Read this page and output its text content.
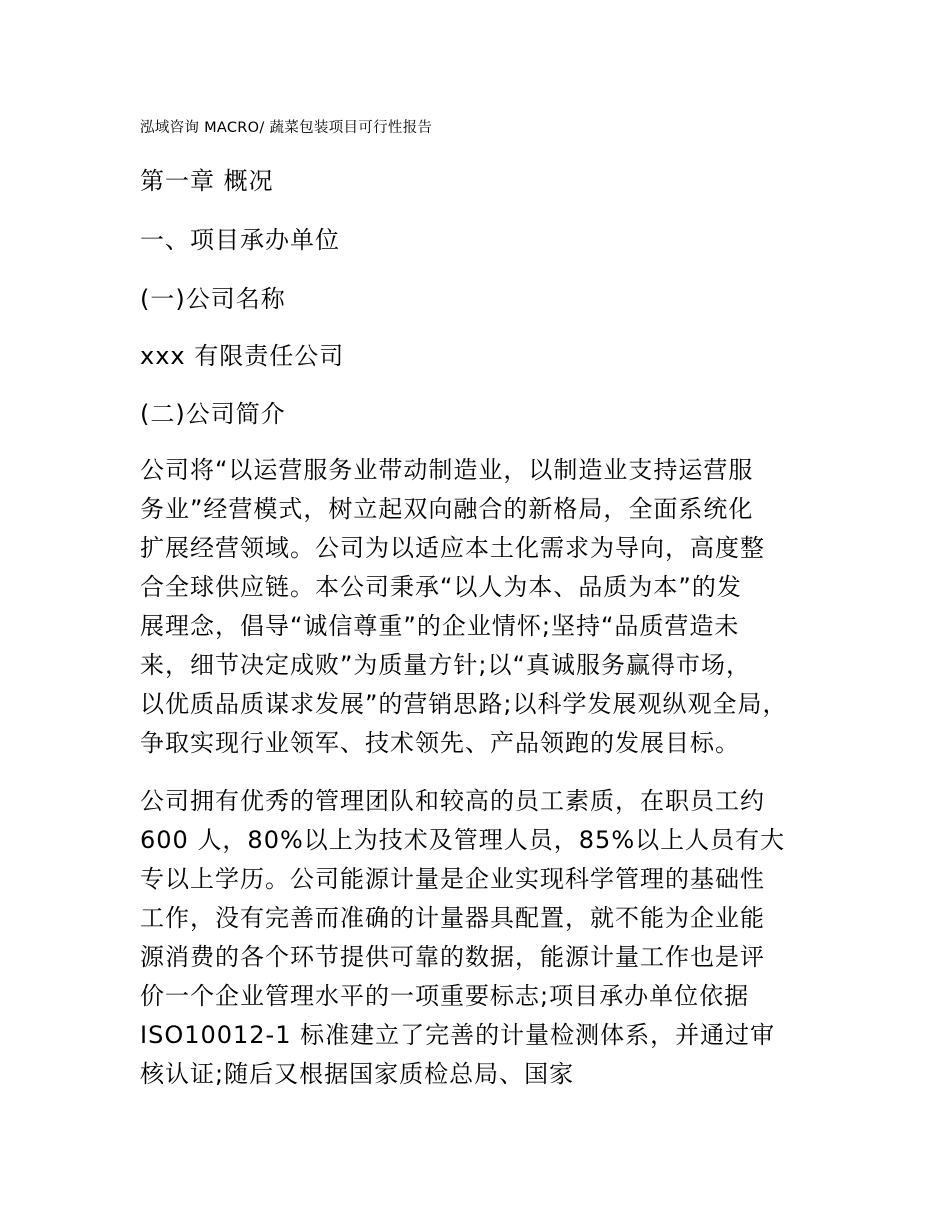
泓域咨询 MACRO/ 蔬菜包装项目可行性报告
第一章 概况
一、项目承办单位
(一)公司名称
xxx 有限责任公司
(二)公司简介
公司将“以运营服务业带动制造业，以制造业支持运营服
务业”经营模式，树立起双向融合的新格局，全面系统化
扩展经营领域。公司为以适应本土化需求为导向，高度整
合全球供应链。本公司秉承“以人为本、品质为本”的发
展理念，倡导“诚信尊重”的企业情怀;坚持“品质营造未
来，细节决定成败”为质量方针;以“真诚服务赢得市场，
以优质品质谋求发展”的营销思路;以科学发展观纵观全局，
争取实现行业领军、技术领先、产品领跑的发展目标。
公司拥有优秀的管理团队和较高的员工素质，在职员工约
600 人，80%以上为技术及管理人员，85%以上人员有大
专以上学历。公司能源计量是企业实现科学管理的基础性
工作，没有完善而准确的计量器具配置，就不能为企业能
源消费的各个环节提供可靠的数据，能源计量工作也是评
价一个企业管理水平的一项重要标志;项目承办单位依据
ISO10012-1 标准建立了完善的计量检测体系，并通过审
核认证;随后又根据国家质检总局、国家
